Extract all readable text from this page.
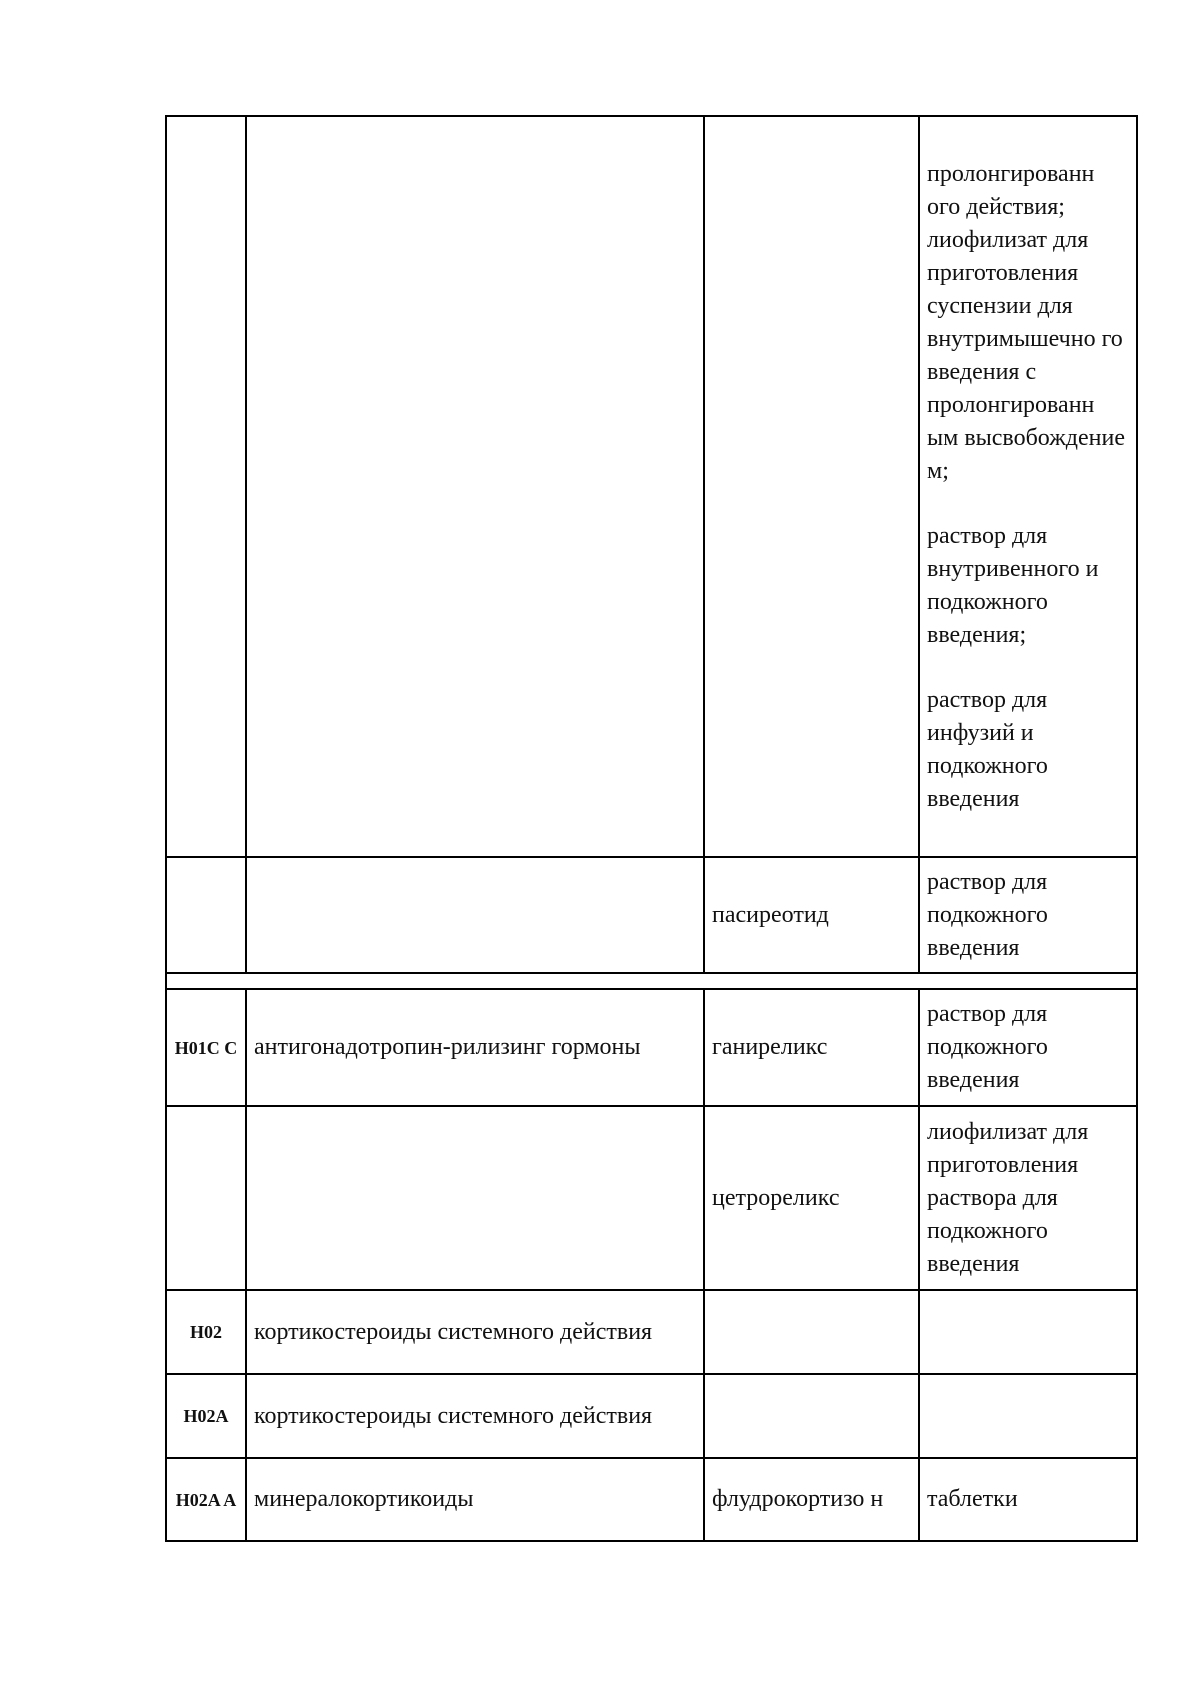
			пролонгированн ого действия; лиофилизат для приготовления суспензии для внутримышечно го введения с пролонгированн ым высвобождение м;
раствор для внутривенного и подкожного введения;
раствор для инфузий и подкожного введения

		пасиреотид	раствор для подкожного введения

H01C C	антигонадотропин-рилизинг гормоны	ганиреликс	раствор для подкожного введения

		цетрореликс	лиофилизат для приготовления раствора для подкожного введения

H02	кортикостероиды системного действия		

H02A	кортикостероиды системного действия		

H02A A	минералокортикоиды	флудрокортизо н	таблетки
